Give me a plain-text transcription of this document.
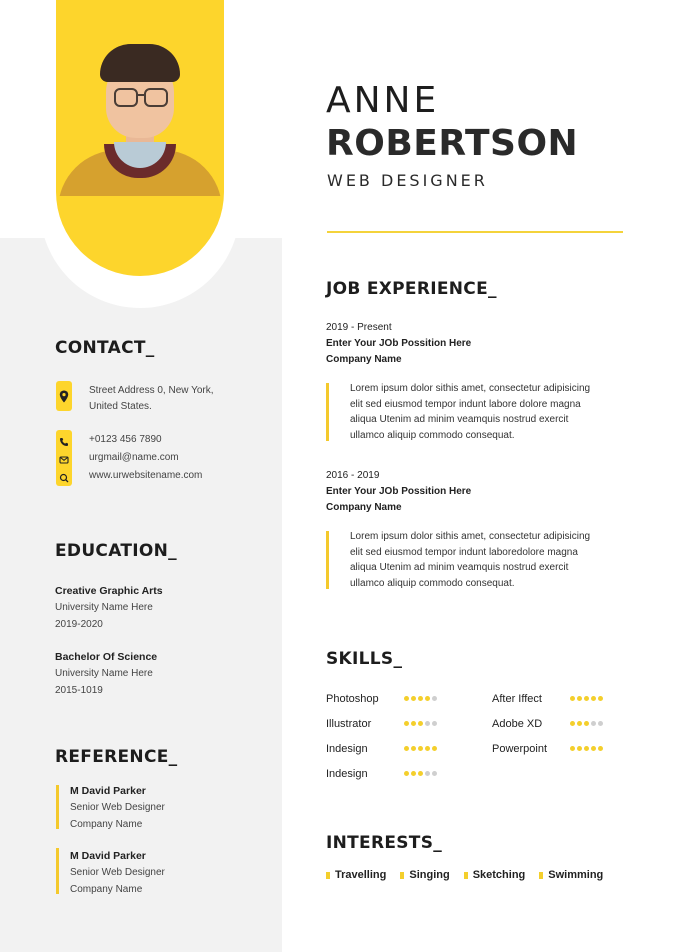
ANNE
ROBERTSON
WEB DESIGNER
CONTACT_
Street Address 0, New York,
United States.
+0123 456 7890
urgmail@name.com
www.urwebsitename.com
EDUCATION_
Creative Graphic Arts
University Name Here
2019-2020
Bachelor Of Science
University Name Here
2015-1019
REFERENCE_
M David Parker
Senior Web Designer
Company Name
M David Parker
Senior Web Designer
Company Name
JOB EXPERIENCE_
2019 - Present
Enter Your JOb Possition Here
Company Name
Lorem ipsum dolor sithis amet, consectetur adipisicing
elit sed eiusmod tempor indunt labore dolore magna
aliqua Utenim ad minim veamquis nostrud exercit
ullamco aliquip commodo consequat.
2016 - 2019
Enter Your JOb Possition Here
Company Name
Lorem ipsum dolor sithis amet, consectetur adipisicing
elit sed eiusmod tempor indunt laboredolore magna
aliqua Utenim ad minim veamquis nostrud exercit
ullamco aliquip commodo consequat.
SKILLS_
Photoshop
Illustrator
Indesign
Indesign
After Iffect
Adobe XD
Powerpoint
INTERESTS_
Travelling Singing Sketching Swimming
